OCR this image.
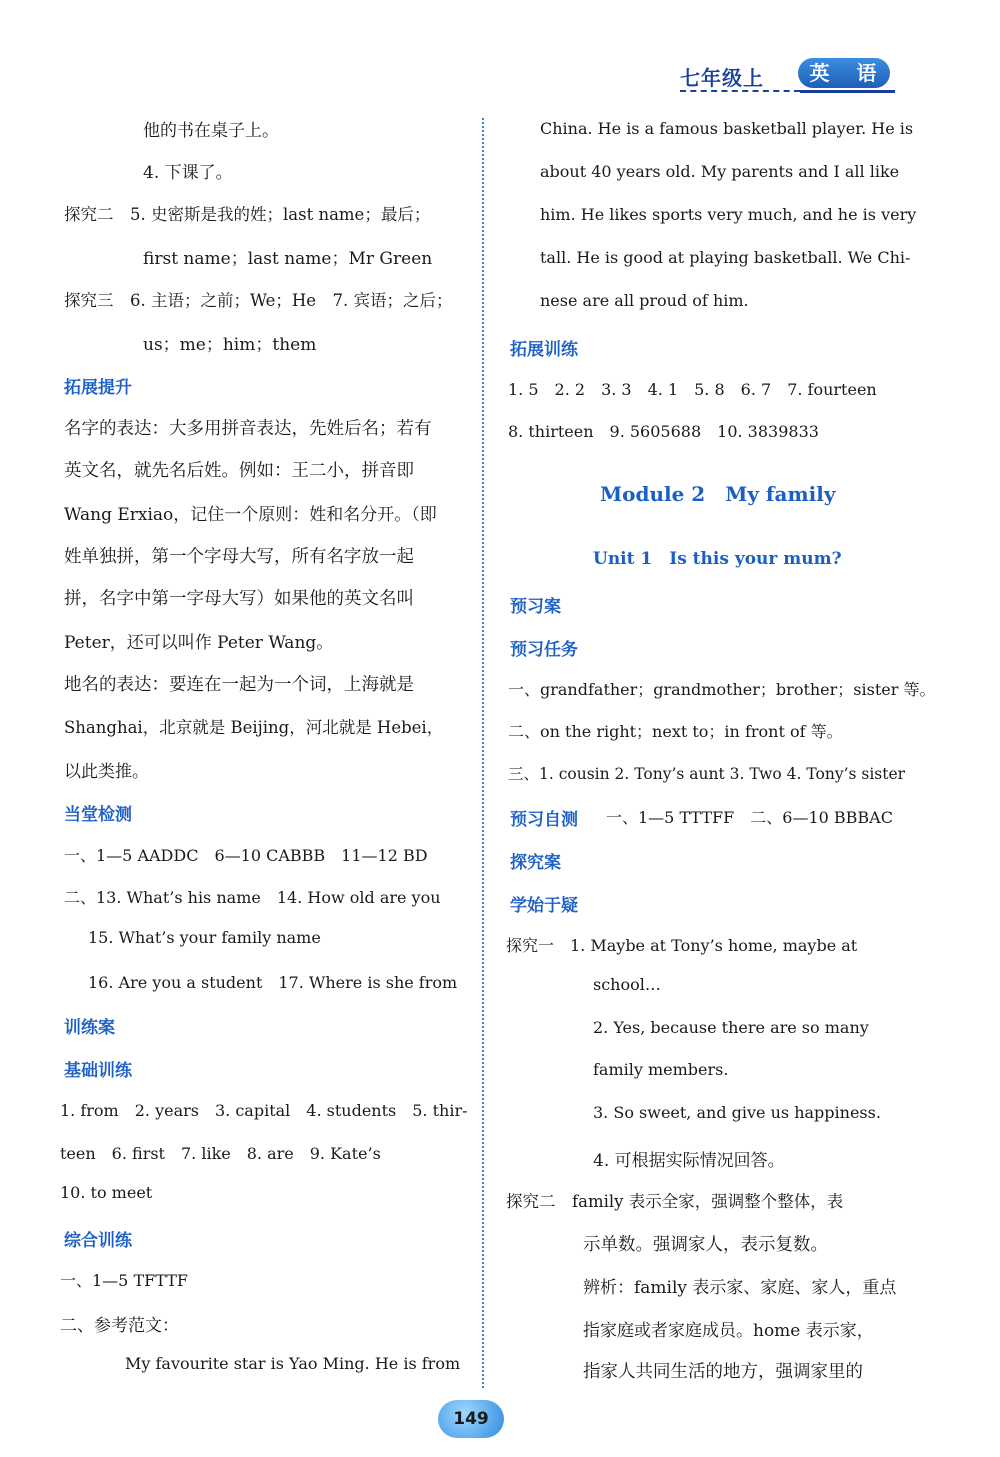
七年级上	英 语
他的书在桌子上。
4. 下课了。
探究二　5. 史密斯是我的姓；last name；最后；
first name；last name；Mr Green
探究三　6. 主语；之前；We；He　7. 宾语；之后；
us；me；him；them
拓展提升
名字的表达：大多用拼音表达，先姓后名；若有
英文名，就先名后姓。例如：王二小，拼音即
Wang Erxiao，记住一个原则：姓和名分开。（即
姓单独拼，第一个字母大写，所有名字放一起
拼，名字中第一字母大写）如果他的英文名叫
Peter，还可以叫作 Peter Wang。
地名的表达：要连在一起为一个词，上海就是
Shanghai，北京就是 Beijing，河北就是 Hebei，
以此类推。
当堂检测
一、1—5 AADDC　6—10 CABBB　11—12 BD
二、13. What’s his name　14. How old are you
15. What’s your family name
16. Are you a student　17. Where is she from
训练案
基础训练
1. from　2. years　3. capital　4. students　5. thir-
teen　6. first　7. like　8. are　9. Kate’s
10. to meet
综合训练
一、1—5 TFTTF
二、参考范文：
My favourite star is Yao Ming. He is from
China. He is a famous basketball player. He is
about 40 years old. My parents and I all like
him. He likes sports very much, and he is very
tall. He is good at playing basketball. We Chi-
nese are all proud of him.
拓展训练
1. 5　2. 2　3. 3　4. 1　5. 8　6. 7　7. fourteen
8. thirteen　9. 5605688　10. 3839833
Module 2　My family
Unit 1　Is this your mum?
预习案
预习任务
一、grandfather；grandmother；brother；sister 等。
二、on the right；next to；in front of 等。
三、1. cousin 2. Tony’s aunt 3. Two 4. Tony’s sister
预习自测 一、1—5 TTTFF　二、6—10 BBBAC
探究案
学始于疑
探究一　1. Maybe at Tony’s home, maybe at
school…
2. Yes, because there are so many
family members.
3. So sweet, and give us happiness.
4. 可根据实际情况回答。
探究二　family 表示全家，强调整个整体，表
示单数。强调家人，表示复数。
辨析：family 表示家、家庭、家人，重点
指家庭或者家庭成员。home 表示家，
指家人共同生活的地方，强调家里的
149
